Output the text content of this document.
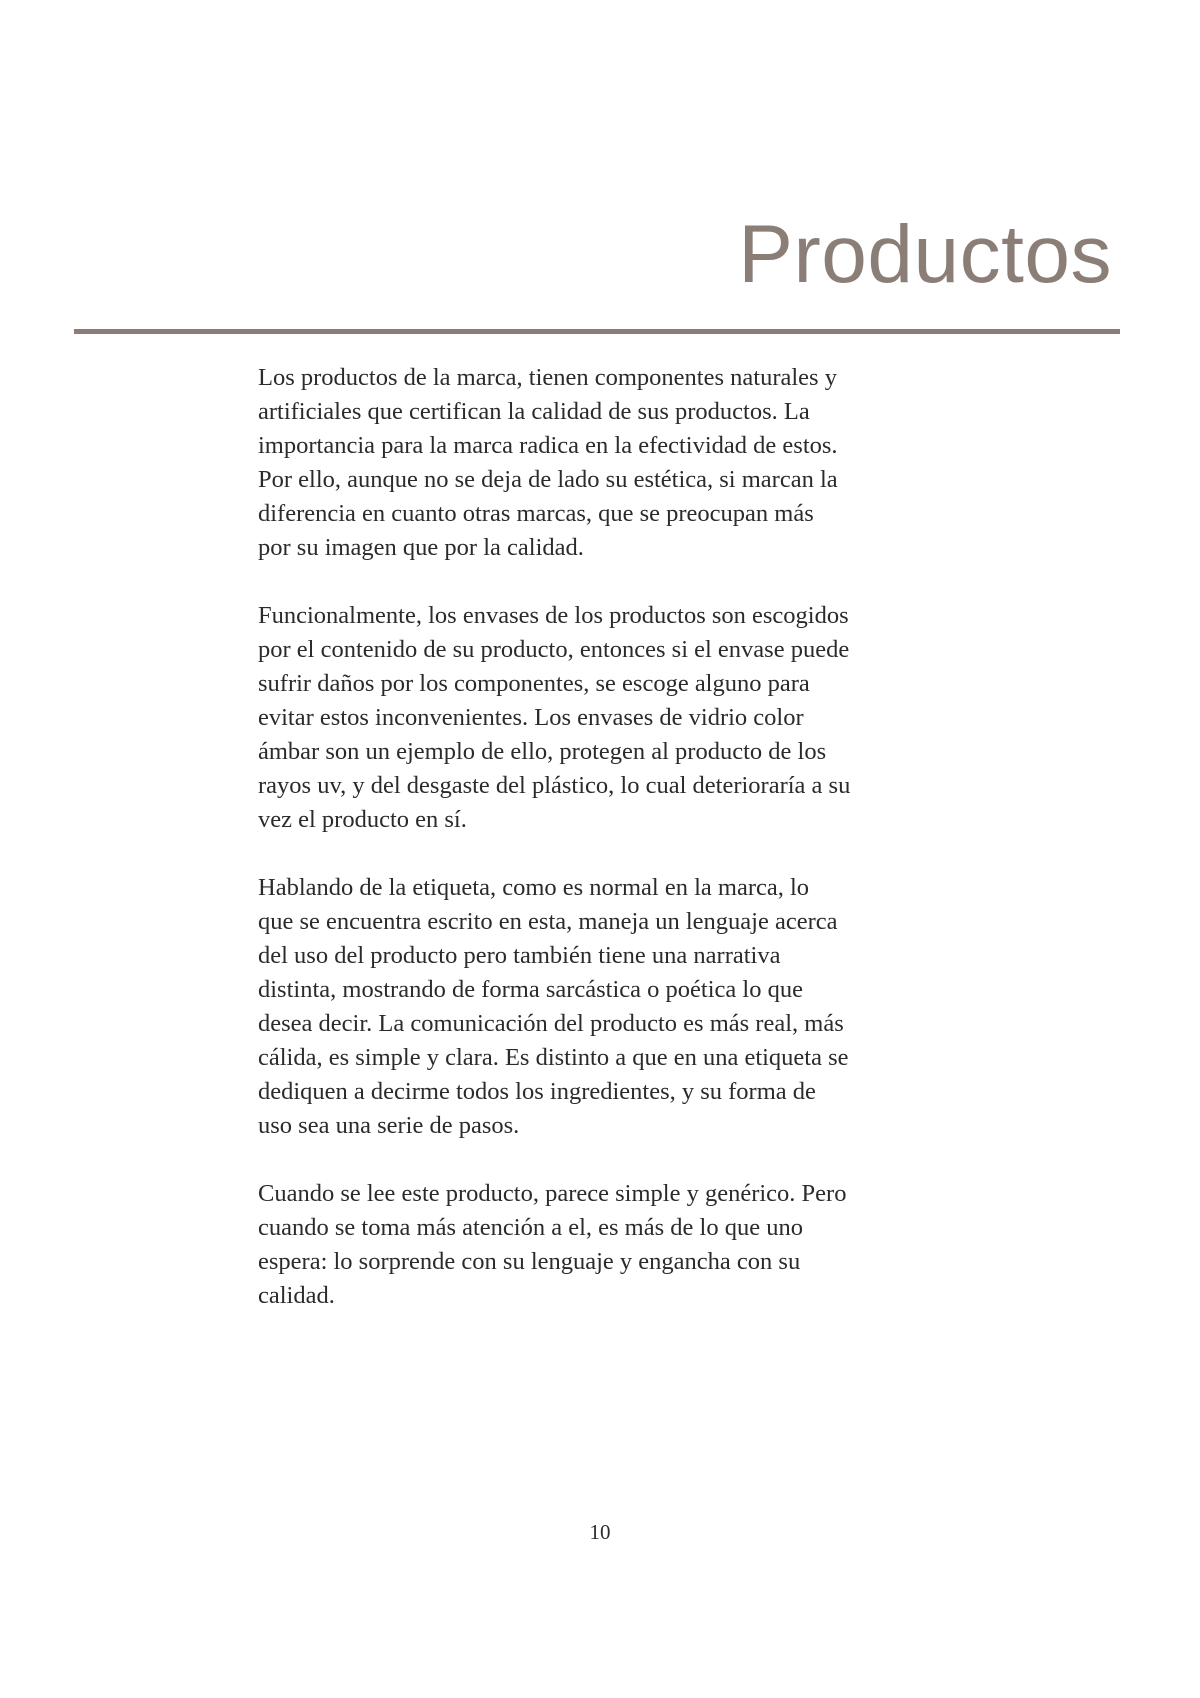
Productos

Los productos de la marca, tienen componentes naturales y
artificiales que certifican la calidad de sus productos. La
importancia para la marca radica en la efectividad de estos.
Por ello, aunque no se deja de lado su estética, si marcan la
diferencia en cuanto otras marcas, que se preocupan más
por su imagen que por la calidad.

Funcionalmente, los envases de los productos son escogidos
por el contenido de su producto, entonces si el envase puede
sufrir daños por los componentes, se escoge alguno para
evitar estos inconvenientes. Los envases de vidrio color
ámbar son un ejemplo de ello, protegen al producto de los
rayos uv, y del desgaste del plástico, lo cual deterioraría a su
vez el producto en sí.

Hablando de la etiqueta, como es normal en la marca, lo
que se encuentra escrito en esta, maneja un lenguaje acerca
del uso del producto pero también tiene una narrativa
distinta, mostrando de forma sarcástica o poética lo que
desea decir. La comunicación del producto es más real, más
cálida, es simple y clara. Es distinto a que en una etiqueta se
dediquen a decirme todos los ingredientes, y su forma de
uso sea una serie de pasos.

Cuando se lee este producto, parece simple y genérico. Pero
cuando se toma más atención a el, es más de lo que uno
espera: lo sorprende con su lenguaje y engancha con su
calidad.

10
